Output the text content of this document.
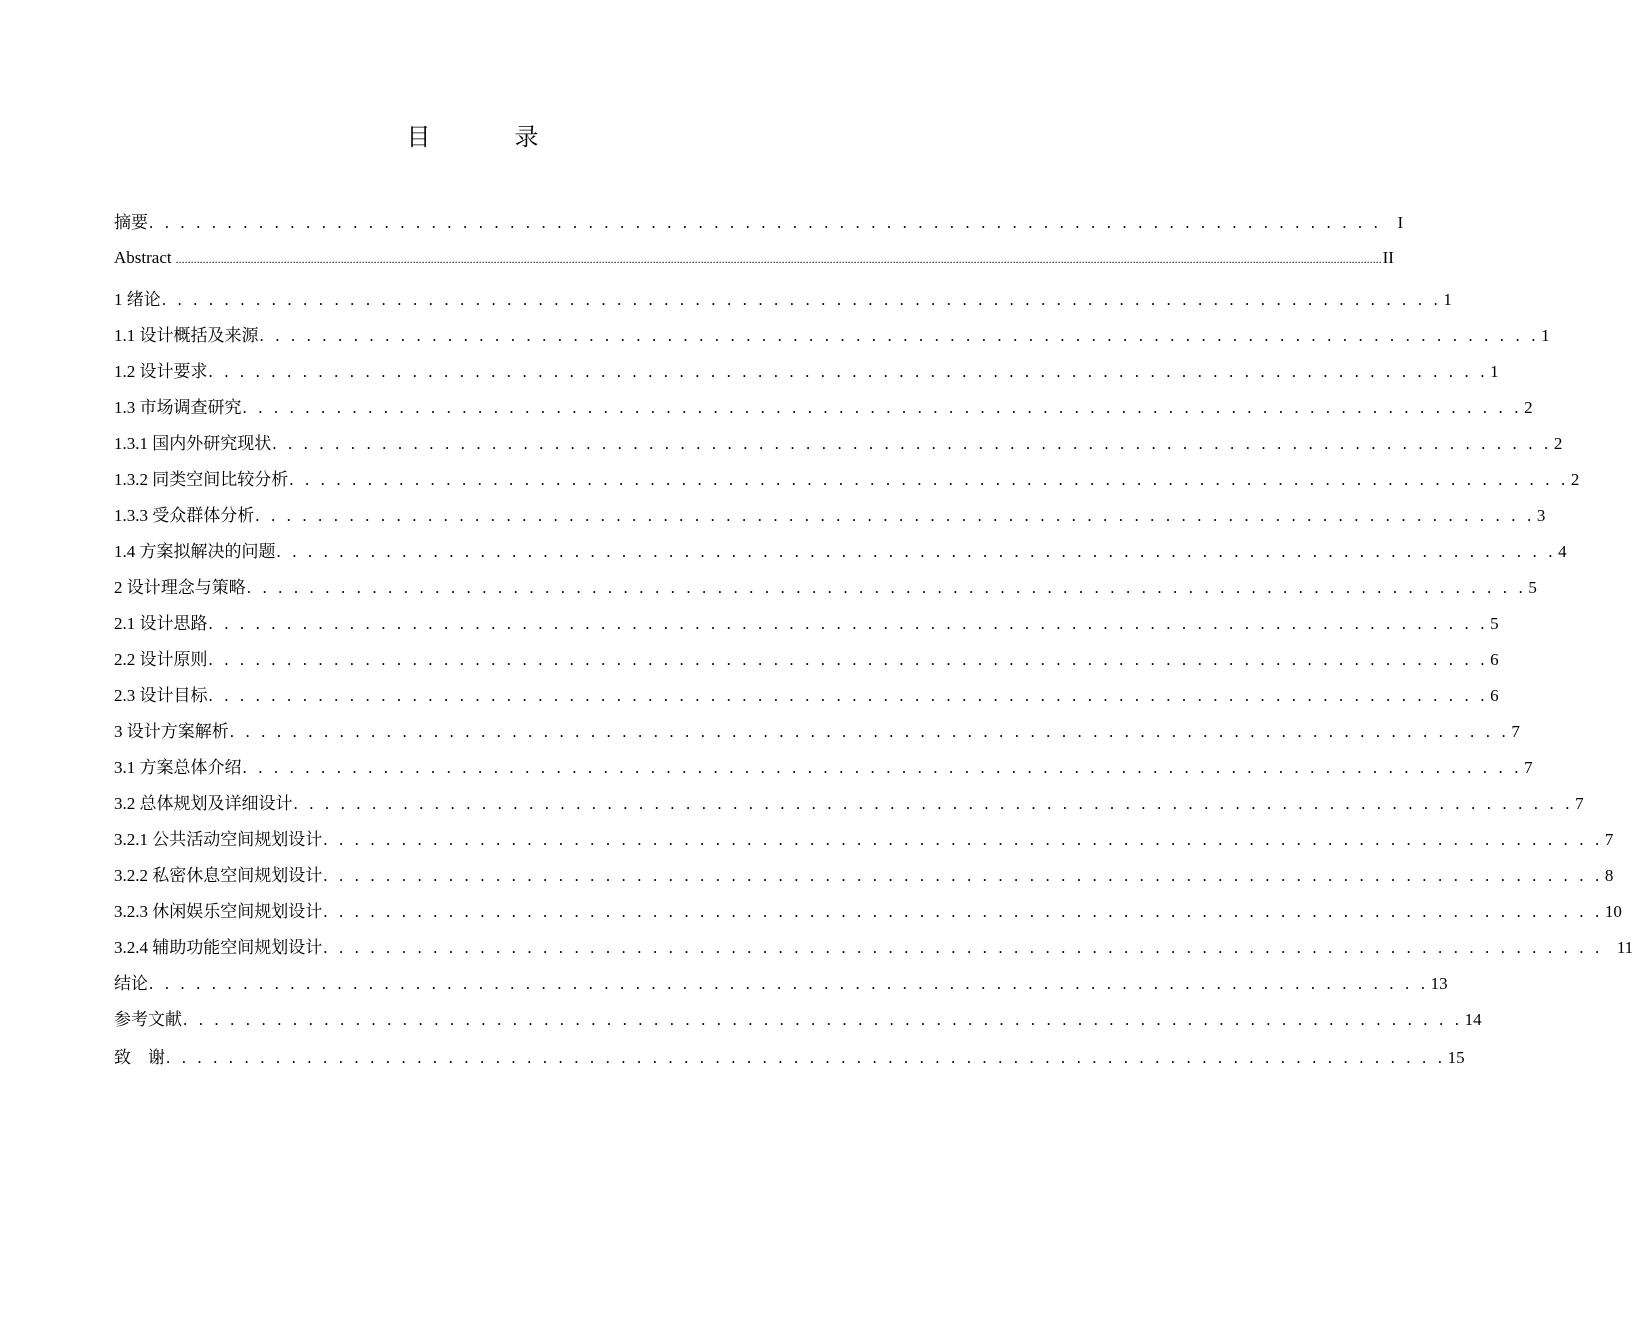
目　录
摘要 . . . . . . . . . . . . . . . . . . . . . . . . . . . . . . . . . . . . . . . . . . . . . . . . . . . . . . . . . . . . . . . . . . . . . . . . . . . . . . . I
Abstract .................................................................................................................................................................................................................................................................................................................................................................................................................. II
1 绪论 . . . . . . . . . . . . . . . . . . . . . . . . . . . . . . . . . . . . . . . . . . . . . . . . . . . . . . . . . . . . . . . . . . . . . . . . . . . . . . . . . . 1
1.1 设计概括及来源 . . . . . . . . . . . . . . . . . . . . . . . . . . . . . . . . . . . . . . . . . . . . . . . . . . . . . . . . . . . . . . . . . . . . . . . . . . . . . . . . . . 1
1.2 设计要求 . . . . . . . . . . . . . . . . . . . . . . . . . . . . . . . . . . . . . . . . . . . . . . . . . . . . . . . . . . . . . . . . . . . . . . . . . . . . . . . . . . 1
1.3 市场调查研究 . . . . . . . . . . . . . . . . . . . . . . . . . . . . . . . . . . . . . . . . . . . . . . . . . . . . . . . . . . . . . . . . . . . . . . . . . . . . . . . . . . 2
1.3.1 国内外研究现状 . . . . . . . . . . . . . . . . . . . . . . . . . . . . . . . . . . . . . . . . . . . . . . . . . . . . . . . . . . . . . . . . . . . . . . . . . . . . . . . . . . 2
1.3.2 同类空间比较分析 . . . . . . . . . . . . . . . . . . . . . . . . . . . . . . . . . . . . . . . . . . . . . . . . . . . . . . . . . . . . . . . . . . . . . . . . . . . . . . . . . . 2
1.3.3 受众群体分析 . . . . . . . . . . . . . . . . . . . . . . . . . . . . . . . . . . . . . . . . . . . . . . . . . . . . . . . . . . . . . . . . . . . . . . . . . . . . . . . . . . 3
1.4 方案拟解决的问题 . . . . . . . . . . . . . . . . . . . . . . . . . . . . . . . . . . . . . . . . . . . . . . . . . . . . . . . . . . . . . . . . . . . . . . . . . . . . . . . . . . 4
2 设计理念与策略 . . . . . . . . . . . . . . . . . . . . . . . . . . . . . . . . . . . . . . . . . . . . . . . . . . . . . . . . . . . . . . . . . . . . . . . . . . . . . . . . . . 5
2.1 设计思路 . . . . . . . . . . . . . . . . . . . . . . . . . . . . . . . . . . . . . . . . . . . . . . . . . . . . . . . . . . . . . . . . . . . . . . . . . . . . . . . . . . 5
2.2 设计原则 . . . . . . . . . . . . . . . . . . . . . . . . . . . . . . . . . . . . . . . . . . . . . . . . . . . . . . . . . . . . . . . . . . . . . . . . . . . . . . . . . . 6
2.3 设计目标 . . . . . . . . . . . . . . . . . . . . . . . . . . . . . . . . . . . . . . . . . . . . . . . . . . . . . . . . . . . . . . . . . . . . . . . . . . . . . . . . . . 6
3 设计方案解析 . . . . . . . . . . . . . . . . . . . . . . . . . . . . . . . . . . . . . . . . . . . . . . . . . . . . . . . . . . . . . . . . . . . . . . . . . . . . . . . . . . 7
3.1 方案总体介绍 . . . . . . . . . . . . . . . . . . . . . . . . . . . . . . . . . . . . . . . . . . . . . . . . . . . . . . . . . . . . . . . . . . . . . . . . . . . . . . . . . . 7
3.2 总体规划及详细设计 . . . . . . . . . . . . . . . . . . . . . . . . . . . . . . . . . . . . . . . . . . . . . . . . . . . . . . . . . . . . . . . . . . . . . . . . . . . . . . . . . . 7
3.2.1 公共活动空间规划设计 . . . . . . . . . . . . . . . . . . . . . . . . . . . . . . . . . . . . . . . . . . . . . . . . . . . . . . . . . . . . . . . . . . . . . . . . . . . . . . . . . . 7
3.2.2 私密休息空间规划设计 . . . . . . . . . . . . . . . . . . . . . . . . . . . . . . . . . . . . . . . . . . . . . . . . . . . . . . . . . . . . . . . . . . . . . . . . . . . . . . . . . . 8
3.2.3 休闲娱乐空间规划设计 . . . . . . . . . . . . . . . . . . . . . . . . . . . . . . . . . . . . . . . . . . . . . . . . . . . . . . . . . . . . . . . . . . . . . . . . . . . . . . . . . . 10
3.2.4 辅助功能空间规划设计 . . . . . . . . . . . . . . . . . . . . . . . . . . . . . . . . . . . . . . . . . . . . . . . . . . . . . . . . . . . . . . . . . . . . . . . . . . . . . . . . . . 11
结论 . . . . . . . . . . . . . . . . . . . . . . . . . . . . . . . . . . . . . . . . . . . . . . . . . . . . . . . . . . . . . . . . . . . . . . . . . . . . . . . . . . 13
参考文献 . . . . . . . . . . . . . . . . . . . . . . . . . . . . . . . . . . . . . . . . . . . . . . . . . . . . . . . . . . . . . . . . . . . . . . . . . . . . . . . . . . 14
致　谢 . . . . . . . . . . . . . . . . . . . . . . . . . . . . . . . . . . . . . . . . . . . . . . . . . . . . . . . . . . . . . . . . . . . . . . . . . . . . . . . . . . 15
